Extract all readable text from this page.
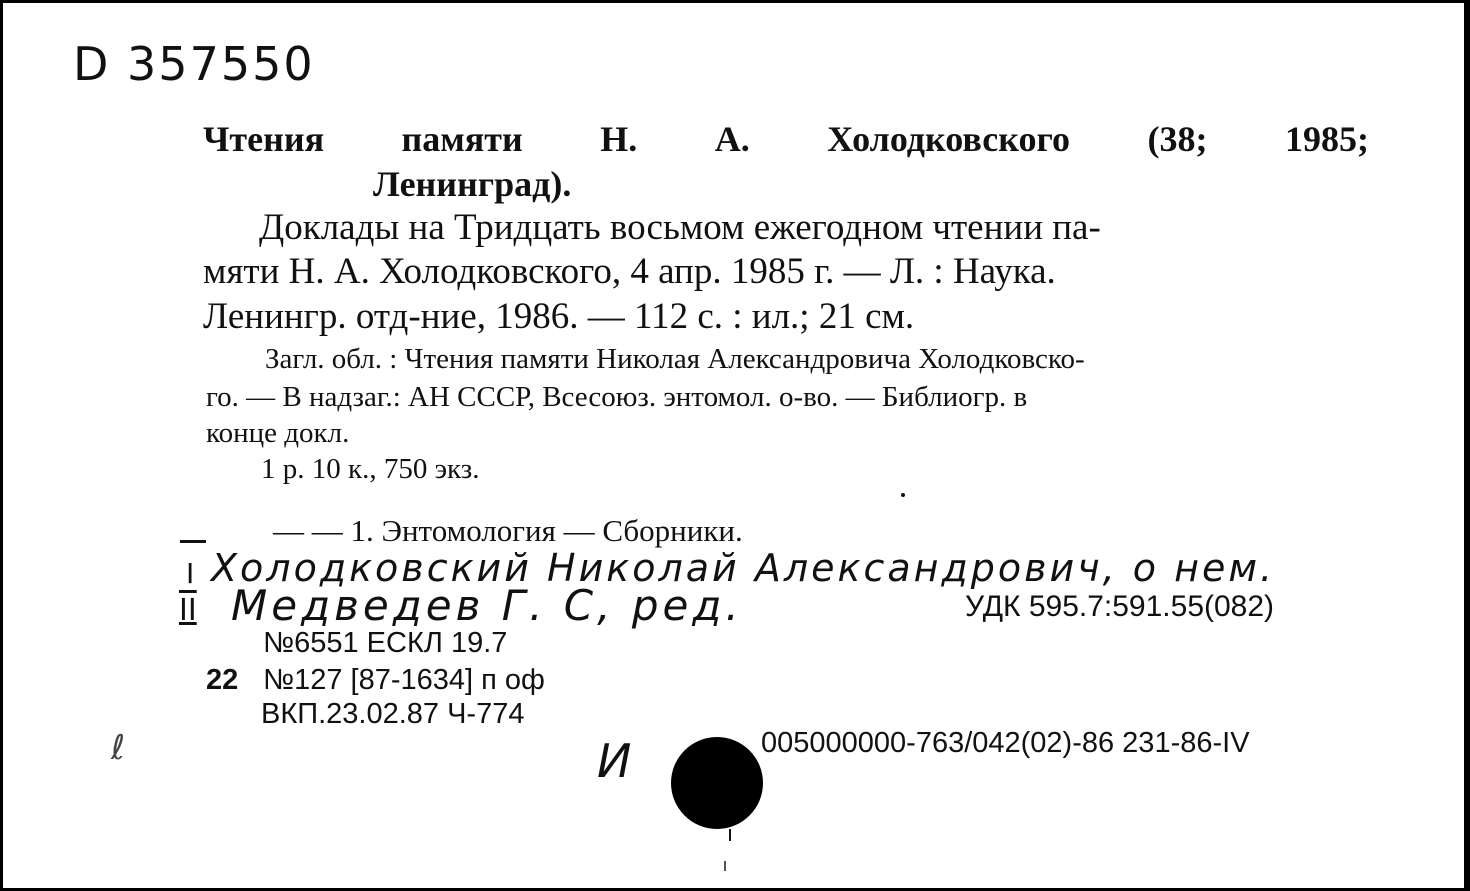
D 357550
Чтения памяти Н. А. Холодковского (38; 1985;
Ленинград).
Доклады на Тридцать восьмом ежегодном чтении па-
мяти Н. А. Холодковского, 4 апр. 1985 г. — Л. : Наука.
Ленингр. отд-ние, 1986. — 112 с. : ил.; 21 см.
Загл. обл. : Чтения памяти Николая Александровича Холодковско-
го. — В надзаг.: АН СССР, Всесоюз. энтомол. о-во. — Библиогр. в
конце докл.
1 р. 10 к., 750 экз.
— — 1. Энтомология — Сборники.
I Холодковский Николай Александрович, о нем.
II Медведев Г. С, ред.	УДК 595.7:591.55(082)
№6551 ЕСКЛ 19.7
22 №127 [87-1634] п оф
ВКП.23.02.87 Ч-774
ℓ	И	005000000-763/042(02)-86 231-86-IV
